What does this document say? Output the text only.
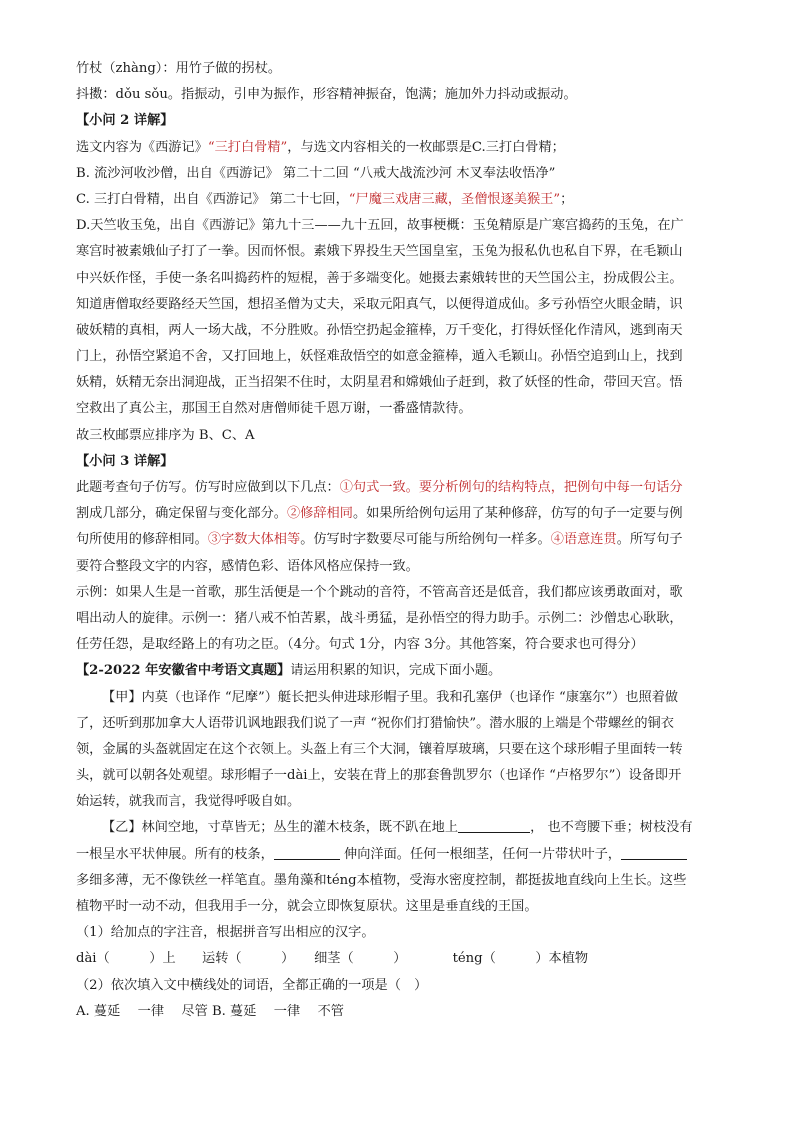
竹杖（zhàng）：用竹子做的拐杖。
抖擞：dǒu sǒu。指振动，引申为振作，形容精神振奋，饱满；施加外力抖动或振动。
【小问 2 详解】
选文内容为《西游记》“三打白骨精”，与选文内容相关的一枚邮票是C.三打白骨精；
B. 流沙河收沙僧，出自《西游记》 第二十二回 “八戒大战流沙河 木叉奉法收悟净”
C. 三打白骨精，出自《西游记》 第二十七回，“尸魔三戏唐三藏，圣僧恨逐美猴王”；
D.天竺收玉兔，出自《西游记》第九十三——九十五回，故事梗概：玉兔精原是广寒宫捣药的玉兔，在广
寒宫时被素娥仙子打了一拳。因而怀恨。素娥下界投生天竺国皇室，玉兔为报私仇也私自下界，在毛颖山
中兴妖作怪，手使一条名叫捣药杵的短棍，善于多端变化。她摄去素娥转世的天竺国公主，扮成假公主。
知道唐僧取经要路经天竺国，想招圣僧为丈夫，采取元阳真气，以便得道成仙。多亏孙悟空火眼金睛，识
破妖精的真相，两人一场大战，不分胜败。孙悟空扔起金箍棒，万千变化，打得妖怪化作清风，逃到南天
门上，孙悟空紧追不舍，又打回地上，妖怪难敌悟空的如意金箍棒，遁入毛颖山。孙悟空追到山上，找到
妖精，妖精无奈出洞迎战，正当招架不住时，太阴星君和嫦娥仙子赶到，救了妖怪的性命，带回天宫。悟
空救出了真公主，那国王自然对唐僧师徒千恩万谢，一番盛情款待。
故三枚邮票应排序为 B、C、A
【小问 3 详解】
此题考查句子仿写。仿写时应做到以下几点：①句式一致。要分析例句的结构特点，把例句中每一句话分
割成几部分，确定保留与变化部分。②修辞相同。如果所给例句运用了某种修辞，仿写的句子一定要与例
句所使用的修辞相同。③字数大体相等。仿写时字数要尽可能与所给例句一样多。④语意连贯。所写句子
要符合整段文字的内容，感情色彩、语体风格应保持一致。
示例：如果人生是一首歌，那生活便是一个个跳动的音符，不管高音还是低音，我们都应该勇敢面对，歌
唱出动人的旋律。示例一：猪八戒不怕苦累，战斗勇猛，是孙悟空的得力助手。示例二：沙僧忠心耿耿，
任劳任怨，是取经路上的有功之臣。（4分。句式 1分，内容 3分。其他答案，符合要求也可得分）
【2-2022 年安徽省中考语文真题】请运用积累的知识，完成下面小题。
【甲】内莫（也译作 “尼摩”）艇长把头伸进球形帽子里。我和孔塞伊（也译作 “康塞尔”）也照着做
了，还听到那加拿大人语带讥讽地跟我们说了一声 “祝你们打猎愉快”。潜水服的上端是个带螺丝的铜衣
领，金属的头盔就固定在这个衣领上。头盔上有三个大洞，镶着厚玻璃，只要在这个球形帽子里面转一转
头，就可以朝各处观望。球形帽子一dài上，安装在背上的那套鲁凯罗尔（也译作 “卢格罗尔”）设备即开
始运转，就我而言，我觉得呼吸自如。
【乙】林间空地，寸草皆无；丛生的灌木枝条，既不趴在地上	， 也不弯腰下垂；树枝没有
一根呈水平状伸展。所有的枝条，	伸向洋面。任何一根细茎，任何一片带状叶子，
多细多薄，无不像铁丝一样笔直。墨角藻和téng本植物，受海水密度控制，都挺拔地直线向上生长。这些
植物平时一动不动，但我用手一分，就会立即恢复原状。这里是垂直线的王国。
（1）给加点的字注音，根据拼音写出相应的汉字。
dài（　　　）上　　运转（　　　）　　细茎（　　　）　　　　téng（　　　）本植物
（2）依次填入文中横线处的词语，全都正确的一项是（　）
A. 蔓延　 一律　 尽管 B. 蔓延　 一律　 不管
